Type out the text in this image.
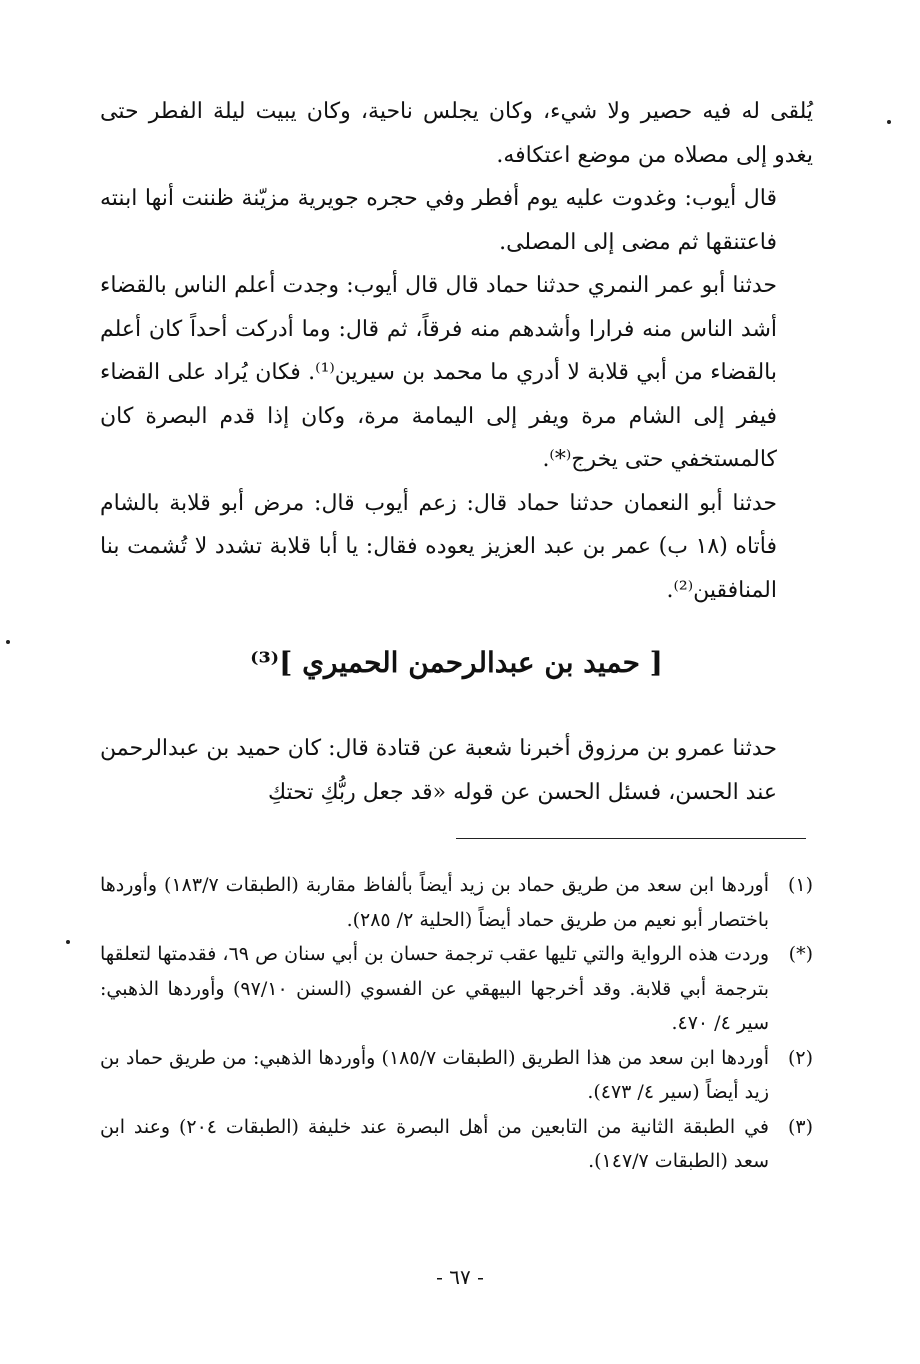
يُلقى له فيه حصير ولا شيء، وكان يجلس ناحية، وكان يبيت ليلة الفطر حتى يغدو إلى مصلاه من موضع اعتكافه.

قال أيوب: وغدوت عليه يوم أفطر وفي حجره جويرية مزيّنة ظننت أنها ابنته فاعتنقها ثم مضى إلى المصلى.

حدثنا أبو عمر النمري حدثنا حماد قال قال أيوب: وجدت أعلم الناس بالقضاء أشد الناس منه فرارا وأشدهم منه فرقاً، ثم قال: وما أدركت أحداً كان أعلم بالقضاء من أبي قلابة لا أدري ما محمد بن سيرين⁽¹⁾. فكان يُراد على القضاء فيفر إلى الشام مرة ويفر إلى اليمامة مرة، وكان إذا قدم البصرة كان كالمستخفي حتى يخرج⁽*⁾.

حدثنا أبو النعمان حدثنا حماد قال: زعم أيوب قال: مرض أبو قلابة بالشام فأتاه (١٨ ب) عمر بن عبد العزيز يعوده فقال: يا أبا قلابة تشدد لا تُشمت بنا المنافقين⁽²⁾.

[ حميد بن عبدالرحمن الحميري ]⁽³⁾

حدثنا عمرو بن مرزوق أخبرنا شعبة عن قتادة قال: كان حميد بن عبدالرحمن عند الحسن، فسئل الحسن عن قوله «قد جعل ربُّكِ تحتكِ

(١)
أوردها ابن سعد من طريق حماد بن زيد أيضاً بألفاظ مقاربة (الطبقات ١٨٣/٧) وأوردها باختصار أبو نعيم من طريق حماد أيضاً (الحلية ٢/ ٢٨٥).
(*)
وردت هذه الرواية والتي تليها عقب ترجمة حسان بن أبي سنان ص ٦٩، فقدمتها لتعلقها بترجمة أبي قلابة. وقد أخرجها البيهقي عن الفسوي (السنن ٩٧/١٠) وأوردها الذهبي: سير ٤/ ٤٧٠.
(٢)
أوردها ابن سعد من هذا الطريق (الطبقات ١٨٥/٧) وأوردها الذهبي: من طريق حماد بن زيد أيضاً (سير ٤/ ٤٧٣).
(٣)
في الطبقة الثانية من التابعين من أهل البصرة عند خليفة (الطبقات ٢٠٤) وعند ابن سعد (الطبقات ١٤٧/٧).
- ٦٧ -
